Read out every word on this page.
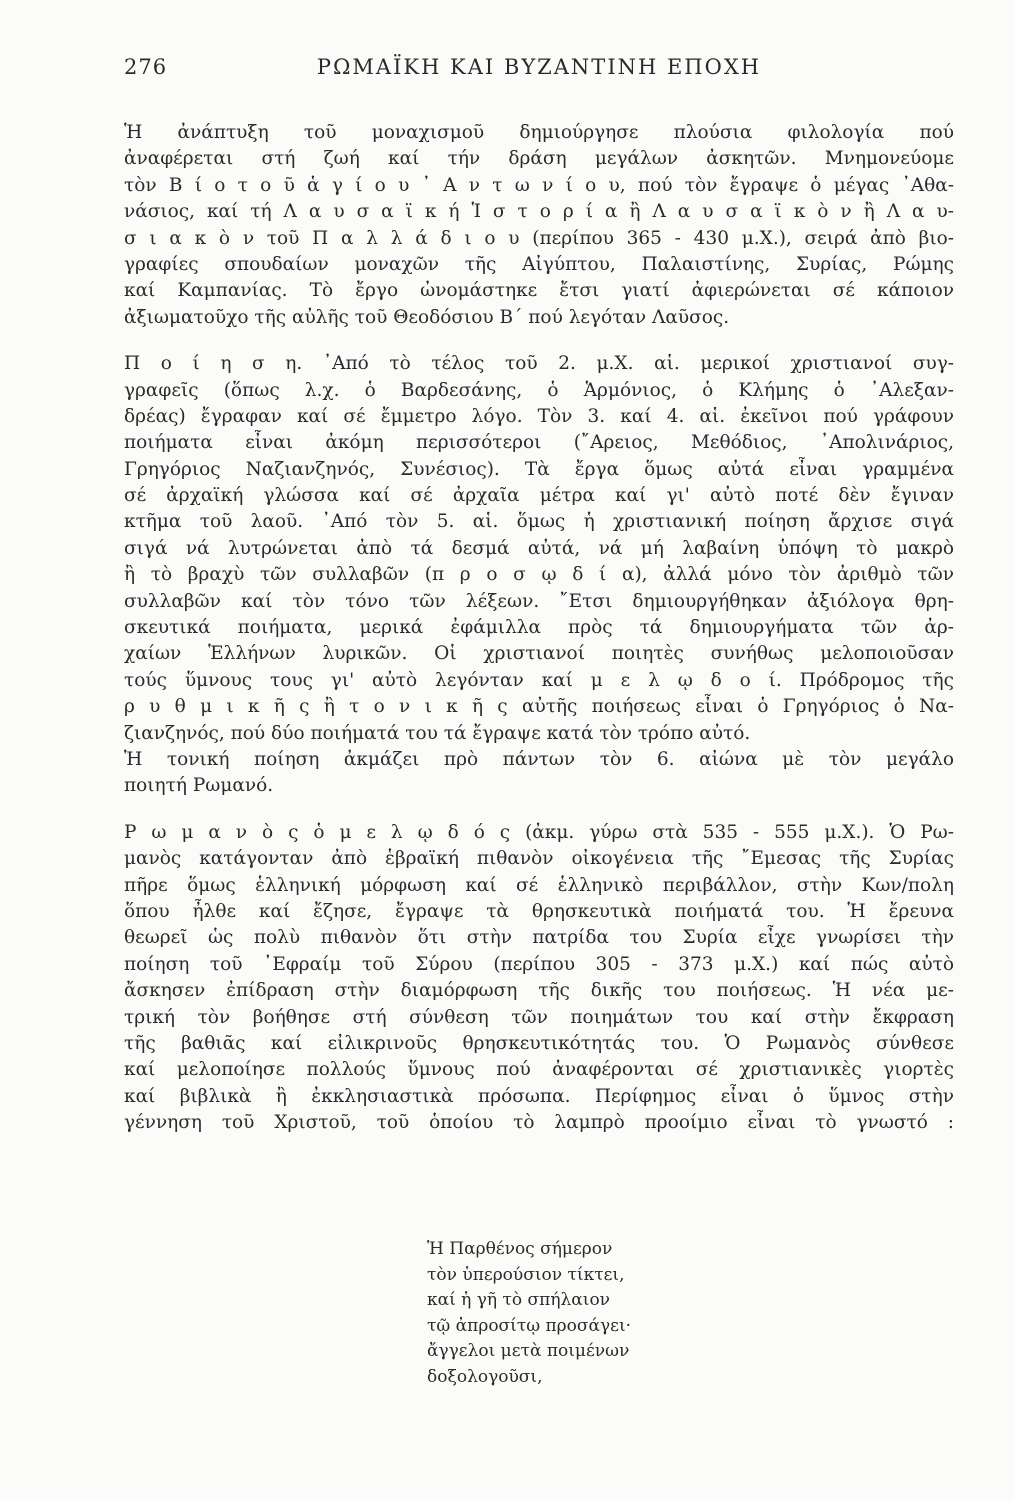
276	ΡΩΜΑΪΚΗ ΚΑΙ ΒΥΖΑΝΤΙΝΗ ΕΠΟΧΗ
Ἡ ἀνάπτυξη τοῦ μοναχισμοῦ δημιούργησε πλούσια φιλολογία πού
ἀναφέρεται στή ζωή καί τήν δράση μεγάλων ἀσκητῶν. Μνημονεύομε
τὸν Β ί ο τ ο ῦ ἁ γ ί ο υ ᾿ Α ν τ ω ν ί ο υ, πού τὸν ἔγραψε ὁ μέγας ᾿Αθα-
νάσιος, καί τή Λ α υ σ α ϊ κ ή Ἱ σ τ ο ρ ί α ἢ Λ α υ σ α ϊ κ ὸ ν ἢ Λ α υ-
σ ι α κ ὸ ν τοῦ Π α λ λ ά δ ι ο υ (περίπου 365 - 430 μ.Χ.), σειρά ἀπὸ βιο-
γραφίες σπουδαίων μοναχῶν τῆς Αἰγύπτου, Παλαιστίνης, Συρίας, Ρώμης
καί Καμπανίας. Τὸ ἔργο ὠνομάστηκε ἔτσι γιατί ἀφιερώνεται σέ κάποιον
ἀξιωματοῦχο τῆς αὐλῆς τοῦ Θεοδόσιου Β΄ πού λεγόταν Λαῦσος.
Π ο ί η σ η. ᾿Από τὸ τέλος τοῦ 2. μ.Χ. αἱ. μερικοί χριστιανοί συγ-
γραφεῖς (ὅπως λ.χ. ὁ Βαρδεσάνης, ὁ Ἁρμόνιος, ὁ Κλήμης ὁ ᾿Αλεξαν-
δρέας) ἔγραφαν καί σέ ἔμμετρο λόγο. Τὸν 3. καί 4. αἱ. ἐκεῖνοι πού γράφουν
ποιήματα εἶναι ἀκόμη περισσότεροι (῎Αρειος, Μεθόδιος, ᾿Απολινάριος,
Γρηγόριος Ναζιανζηνός, Συνέσιος). Τὰ ἔργα ὅμως αὐτά εἶναι γραμμένα
σέ ἀρχαϊκή γλώσσα καί σέ ἀρχαῖα μέτρα καί γι' αὐτὸ ποτέ δὲν ἔγιναν
κτῆμα τοῦ λαοῦ. ᾿Από τὸν 5. αἱ. ὅμως ἡ χριστιανική ποίηση ἄρχισε σιγά
σιγά νά λυτρώνεται ἀπὸ τά δεσμά αὐτά, νά μή λαβαίνη ὑπόψη τὸ μακρὸ
ἢ τὸ βραχὺ τῶν συλλαβῶν (π ρ ο σ ῳ δ ί α), ἀλλά μόνο τὸν ἀριθμὸ τῶν
συλλαβῶν καί τὸν τόνο τῶν λέξεων. ῎Ετσι δημιουργήθηκαν ἀξιόλογα θρη-
σκευτικά ποιήματα, μερικά ἐφάμιλλα πρὸς τά δημιουργήματα τῶν ἀρ-
χαίων Ἑλλήνων λυρικῶν. Οἱ χριστιανοί ποιητὲς συνήθως μελοποιοῦσαν
τούς ὕμνους τους γι' αὐτὸ λεγόνταν καί μ ε λ ῳ δ ο ί. Πρόδρομος τῆς
ρ υ θ μ ι κ ῆ ς ἢ τ ο ν ι κ ῆ ς αὐτῆς ποιήσεως εἶναι ὁ Γρηγόριος ὁ Να-
ζιανζηνός, πού δύο ποιήματά του τά ἔγραψε κατά τὸν τρόπο αὐτό.
Ἡ τονική ποίηση ἀκμάζει πρὸ πάντων τὸν 6. αἰώνα μὲ τὸν μεγάλο
ποιητή Ρωμανό.
Ρ ω μ α ν ὸ ς ὁ μ ε λ ῳ δ ό ς (ἀκμ. γύρω στὰ 535 - 555 μ.Χ.). Ὁ Ρω-
μανὸς κατάγονταν ἀπὸ ἑβραϊκή πιθανὸν οἰκογένεια τῆς ῎Εμεσας τῆς Συρίας
πῆρε ὅμως ἑλληνική μόρφωση καί σέ ἑλληνικὸ περιβάλλον, στὴν Κων/πολη
ὅπου ἦλθε καί ἔζησε, ἔγραψε τὰ θρησκευτικὰ ποιήματά του. Ἡ ἔρευνα
θεωρεῖ ὡς πολὺ πιθανὸν ὅτι στὴν πατρίδα του Συρία εἶχε γνωρίσει τὴν
ποίηση τοῦ ᾿Εφραίμ τοῦ Σύρου (περίπου 305 - 373 μ.Χ.) καί πώς αὐτὸ
ἄσκησεν ἐπίδραση στὴν διαμόρφωση τῆς δικῆς του ποιήσεως. Ἡ νέα με-
τρική τὸν βοήθησε στή σύνθεση τῶν ποιημάτων του καί στὴν ἔκφραση
τῆς βαθιᾶς καί εἰλικρινοῦς θρησκευτικότητάς του. Ὁ Ρωμανὸς σύνθεσε
καί μελοποίησε πολλούς ὕμνους πού ἀναφέρονται σέ χριστιανικὲς γιορτὲς
καί βιβλικὰ ἢ ἐκκλησιαστικὰ πρόσωπα. Περίφημος εἶναι ὁ ὕμνος στὴν
γέννηση τοῦ Χριστοῦ, τοῦ ὁποίου τὸ λαμπρὸ προοίμιο εἶναι τὸ γνωστό :
Ἡ Παρθένος σήμερον
τὸν ὑπερούσιον τίκτει,
καί ἡ γῆ τὸ σπήλαιον
τῷ ἀπροσίτῳ προσάγει·
ἄγγελοι μετὰ ποιμένων
δοξολογοῦσι,
